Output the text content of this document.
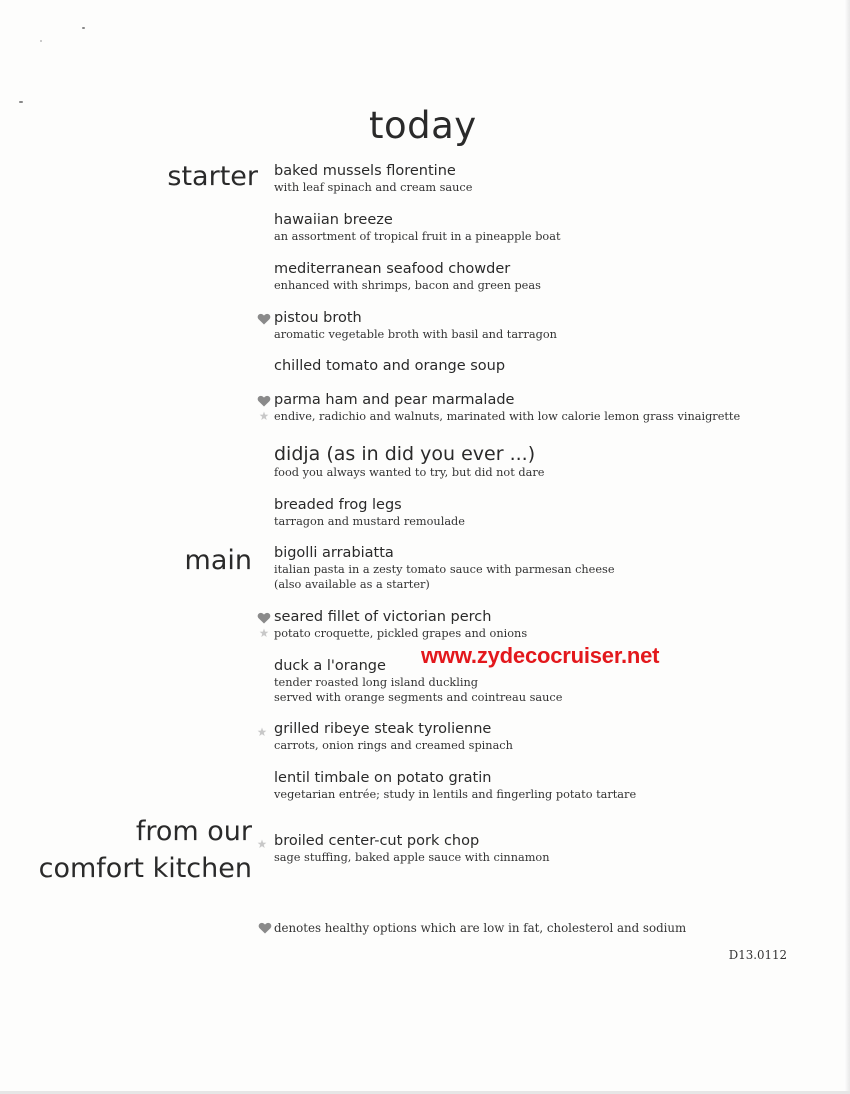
today
starter
main
from our
comfort kitchen
baked mussels florentine
with leaf spinach and cream sauce
hawaiian breeze
an assortment of tropical fruit in a pineapple boat
mediterranean seafood chowder
enhanced with shrimps, bacon and green peas
pistou broth
aromatic vegetable broth with basil and tarragon
chilled tomato and orange soup
parma ham and pear marmalade
endive, radichio and walnuts, marinated with low calorie lemon grass vinaigrette
didja (as in did you ever ...)
food you always wanted to try, but did not dare
breaded frog legs
tarragon and mustard remoulade
bigolli arrabiatta
italian pasta in a zesty tomato sauce with parmesan cheese
(also available as a starter)
seared fillet of victorian perch
potato croquette, pickled grapes and onions
duck a l'orange
tender roasted long island duckling
served with orange segments and cointreau sauce
grilled ribeye steak tyrolienne
carrots, onion rings and creamed spinach
lentil timbale on potato gratin
vegetarian entrée; study in lentils and fingerling potato tartare
broiled center-cut pork chop
sage stuffing, baked apple sauce with cinnamon
www.zydecocruiser.net
denotes healthy options which are low in fat, cholesterol and sodium
D13.0112
